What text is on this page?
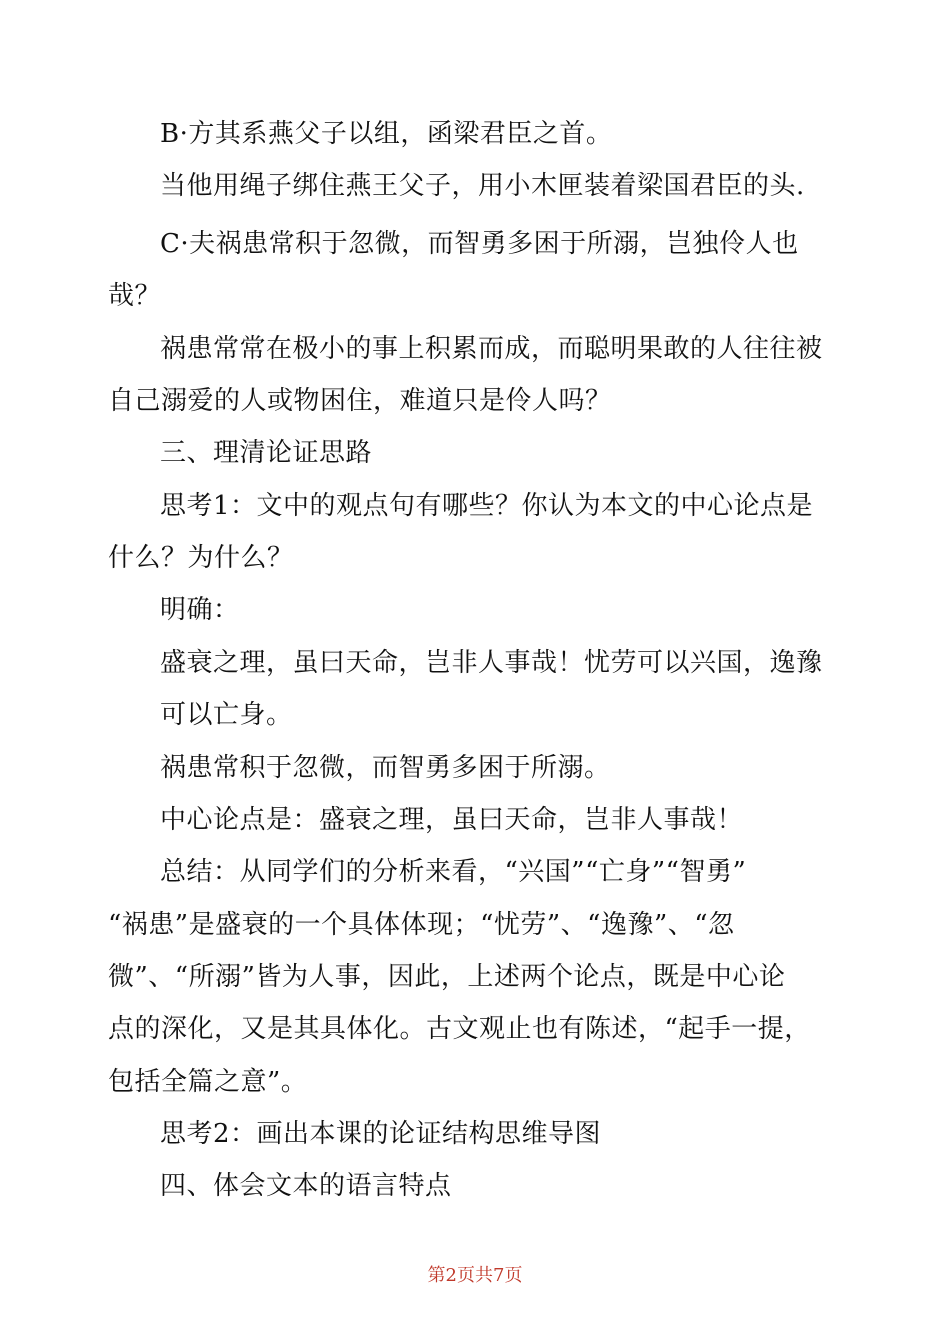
B·方其系燕父子以组，函梁君臣之首。
当他用绳子绑住燕王父子，用小木匣装着梁国君臣的头.
C·夫祸患常积于忽微，而智勇多困于所溺，岂独伶人也
哉？
祸患常常在极小的事上积累而成，而聪明果敢的人往往被
自己溺爱的人或物困住，难道只是伶人吗？
三、理清论证思路
思考1：文中的观点句有哪些？你认为本文的中心论点是
什么？为什么？
明确：
盛衰之理，虽曰天命，岂非人事哉！忧劳可以兴国，逸豫
可以亡身。
祸患常积于忽微，而智勇多困于所溺。
中心论点是：盛衰之理，虽曰天命，岂非人事哉！
总结：从同学们的分析来看，“兴国”“亡身”“智勇”
“祸患”是盛衰的一个具体体现；“忧劳”、“逸豫”、“忽
微”、“所溺”皆为人事，因此，上述两个论点，既是中心论
点的深化，又是其具体化。古文观止也有陈述，“起手一提，
包括全篇之意”。
思考2：画出本课的论证结构思维导图
四、体会文本的语言特点
第2页共7页
